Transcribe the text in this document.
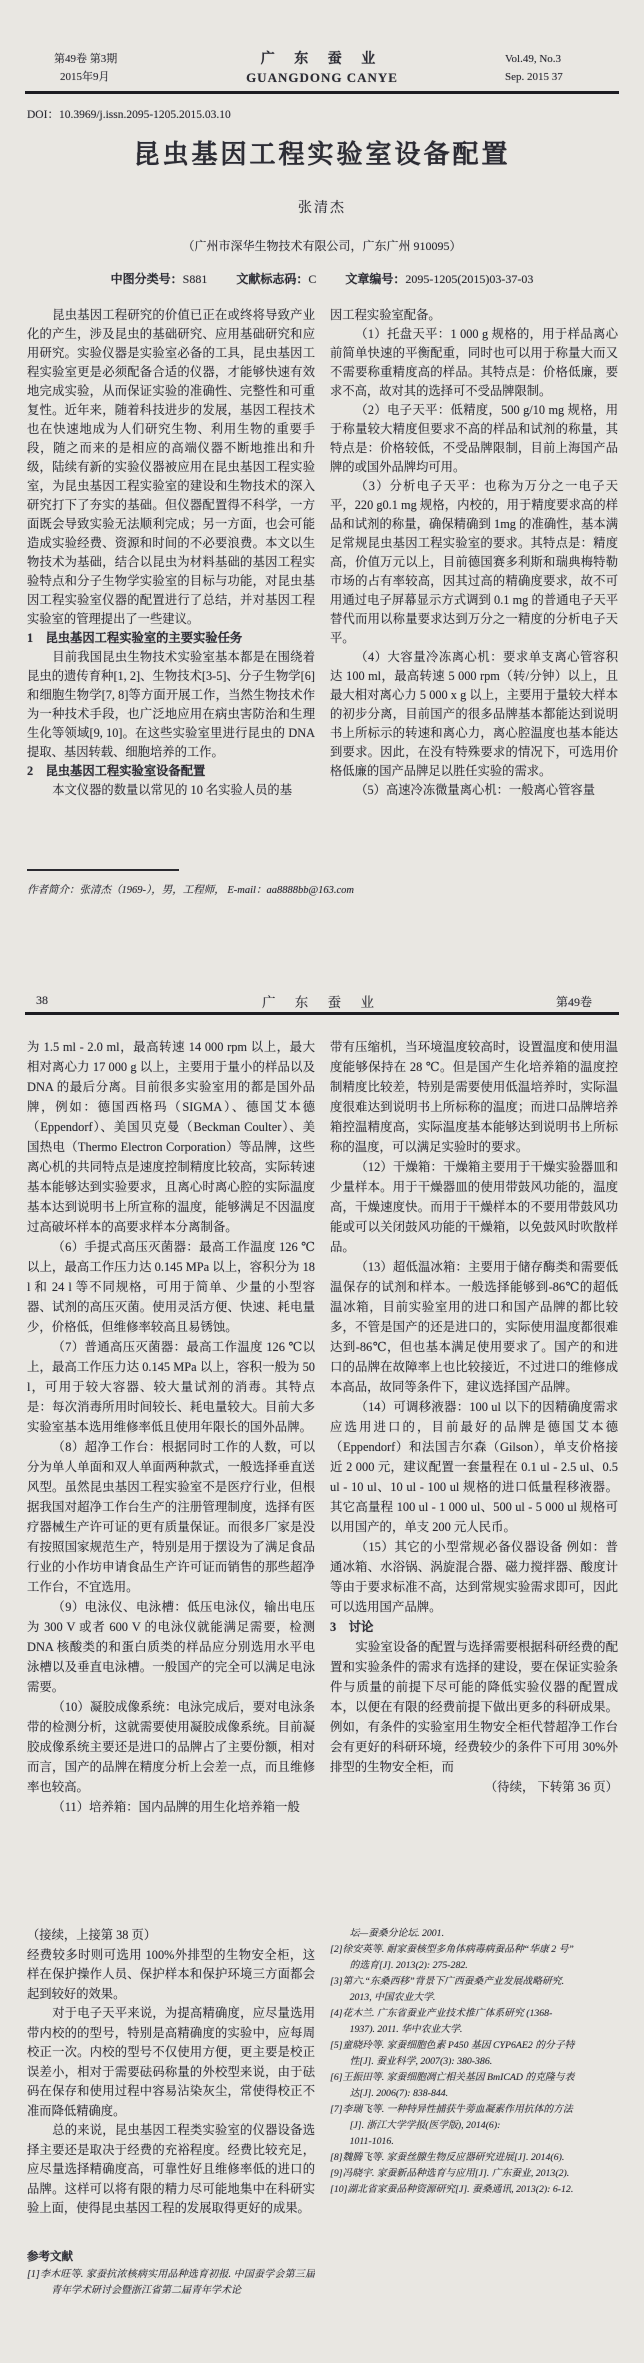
第49卷 第3期
2015年9月
广 东 蚕 业
GUANGDONG CANYE
Vol.49, No.3
Sep. 2015 37
DOI：10.3969/j.issn.2095-1205.2015.03.10
昆虫基因工程实验室设备配置
张清杰
（广州市深华生物技术有限公司，广东广州 910095）
中图分类号：S881 文献标志码：C 文章编号：2095-1205(2015)03-37-03
昆虫基因工程研究的价值已正在或终将导致产业化的产生，涉及昆虫的基础研究、应用基础研究和应用研究。实验仪器是实验室必备的工具，昆虫基因工程实验室更是必须配备合适的仪器，才能够快速有效地完成实验，从而保证实验的准确性、完整性和可重复性。近年来，随着科技进步的发展，基因工程技术也在快速地成为人们研究生物、利用生物的重要手段，随之而来的是相应的高端仪器不断地推出和升级，陆续有新的实验仪器被应用在昆虫基因工程实验室，为昆虫基因工程实验室的建设和生物技术的深入研究打下了夯实的基础。但仪器配置得不科学，一方面既会导致实验无法顺利完成；另一方面，也会可能造成实验经费、资源和时间的不必要浪费。本文以生物技术为基础，结合以昆虫为材料基础的基因工程实验特点和分子生物学实验室的目标与功能，对昆虫基因工程实验室仪器的配置进行了总结，并对基因工程实验室的管理提出了一些建议。
1　昆虫基因工程实验室的主要实验任务
目前我国昆虫生物技术实验室基本都是在围绕着昆虫的遗传育种[1, 2]、生物技术[3-5]、分子生物学[6]和细胞生物学[7, 8]等方面开展工作，当然生物技术作为一种技术手段，也广泛地应用在病虫害防治和生理生化等领域[9, 10]。在这些实验室里进行昆虫的 DNA 提取、基因转载、细胞培养的工作。
2　昆虫基因工程实验室设备配置
本文仪器的数量以常见的 10 名实验人员的基
因工程实验室配备。
（1）托盘天平：1 000 g 规格的，用于样品离心前简单快速的平衡配重，同时也可以用于称量大而又不需要称重精度高的样品。其特点是：价格低廉，要求不高，故对其的选择可不受品牌限制。
（2）电子天平：低精度，500 g/10 mg 规格，用于称量较大精度但要求不高的样品和试剂的称量，其特点是：价格较低，不受品牌限制，目前上海国产品牌的或国外品牌均可用。
（3）分析电子天平：也称为万分之一电子天平，220 g0.1 mg 规格，内校的，用于精度要求高的样品和试剂的称量，确保精确到 1mg 的准确性，基本满足常规昆虫基因工程实验室的要求。其特点是：精度高，价值万元以上，目前德国赛多利斯和瑞典梅特勒市场的占有率较高，因其过高的精确度要求，故不可用通过电子屏幕显示方式调到 0.1 mg 的普通电子天平替代而用以称量要求达到万分之一精度的分析电子天平。
（4）大容量冷冻离心机：要求单支离心管容积达 100 ml，最高转速 5 000 rpm（转/分钟）以上，且最大相对离心力 5 000 x g 以上，主要用于量较大样本的初步分离，目前国产的很多品牌基本都能达到说明书上所标示的转速和离心力，离心腔温度也基本能达到要求。因此，在没有特殊要求的情况下，可选用价格低廉的国产品牌足以胜任实验的需求。
（5）高速冷冻微量离心机：一般离心管容量
作者简介：张清杰（1969-），男，工程师， E-mail：aa8888bb@163.com
38	广 东 蚕 业	第49卷
为 1.5 ml - 2.0 ml，最高转速 14 000 rpm 以上，最大相对离心力 17 000 g 以上，主要用于量小的样品以及 DNA 的最后分离。目前很多实验室用的都是国外品牌，例如：德国西格玛（SIGMA）、德国艾本德（Eppendorf）、美国贝克曼（Beckman Coulter）、美国热电（Thermo Electron Corporation）等品牌，这些离心机的共同特点是速度控制精度比较高，实际转速基本能够达到实验要求，且离心时离心腔的实际温度基本达到说明书上所宣称的温度，能够满足不因温度过高破坏样本的高要求样本分离制备。
（6）手提式高压灭菌器：最高工作温度 126 ℃以上，最高工作压力达 0.145 MPa 以上，容积分为 18 l 和 24 l 等不同规格，可用于简单、少量的小型容器、试剂的高压灭菌。使用灵活方便、快速、耗电量少，价格低，但维修率较高且易锈蚀。
（7）普通高压灭菌器：最高工作温度 126 ℃以上，最高工作压力达 0.145 MPa 以上，容积一般为 50 l，可用于较大容器、较大量试剂的消毒。其特点是：每次消毒所用时间较长、耗电量较大。目前大多实验室基本选用维修率低且使用年限长的国外品牌。
（8）超净工作台：根据同时工作的人数，可以分为单人单面和双人单面两种款式，一般选择垂直送风型。虽然昆虫基因工程实验室不是医疗行业，但根据我国对超净工作台生产的注册管理制度，选择有医疗器械生产许可证的更有质量保证。而很多厂家是没有按照国家规范生产，特别是用于摆设为了满足食品行业的小作坊申请食品生产许可证而销售的那些超净工作台，不宜选用。
（9）电泳仪、电泳槽：低压电泳仪，输出电压为 300 V 或者 600 V 的电泳仪就能满足需要，检测 DNA 核酸类的和蛋白质类的样品应分别选用水平电泳槽以及垂直电泳槽。一般国产的完全可以满足电泳需要。
（10）凝胶成像系统：电泳完成后，要对电泳条带的检测分析，这就需要使用凝胶成像系统。目前凝胶成像系统主要还是进口的品牌占了主要份额，相对而言，国产的品牌在精度分析上会差一点，而且维修率也较高。
（11）培养箱：国内品牌的用生化培养箱一般
带有压缩机，当环境温度较高时，设置温度和使用温度能够保持在 28 ℃。但是国产生化培养箱的温度控制精度比较差，特别是需要使用低温培养时，实际温度很难达到说明书上所标称的温度；而进口品牌培养箱控温精度高，实际温度基本能够达到说明书上所标称的温度，可以满足实验时的要求。
（12）干燥箱：干燥箱主要用于干燥实验器皿和少量样本。用于干燥器皿的使用带鼓风功能的，温度高，干燥速度快。而用于干燥样本的不要用带鼓风功能或可以关闭鼓风功能的干燥箱，以免鼓风时吹散样品。
（13）超低温冰箱：主要用于储存酶类和需要低温保存的试剂和样本。一般选择能够到-86℃的超低温冰箱，目前实验室用的进口和国产品牌的都比较多，不管是国产的还是进口的，实际使用温度都很难达到-86℃，但也基本满足使用要求了。国产的和进口的品牌在故障率上也比较接近，不过进口的维修成本高品，故同等条件下，建议选择国产品牌。
（14）可调移液器：100 ul 以下的因精确度需求应选用进口的，目前最好的品牌是德国艾本德（Eppendorf）和法国吉尔森（Gilson），单支价格接近 2 000 元，建议配置一套量程在 0.1 ul - 2.5 ul、0.5 ul - 10 ul、10 ul - 100 ul 规格的进口低量程移液器。其它高量程 100 ul - 1 000 ul、500 ul - 5 000 ul 规格可以用国产的，单支 200 元人民币。
（15）其它的小型常规必备仪器设备 例如：普通冰箱、水浴锅、涡旋混合器、磁力搅拌器、酸度计等由于要求标准不高，达到常规实验需求即可，因此可以选用国产品牌。
3　讨论
实验室设备的配置与选择需要根据科研经费的配置和实验条件的需求有选择的建设，要在保证实验条件与质量的前提下尽可能的降低实验仪器的配置成本，以便在有限的经费前提下做出更多的科研成果。例如，有条件的实验室用生物安全柜代替超净工作台会有更好的科研环境，经费较少的条件下可用 30%外排型的生物安全柜，而
（待续， 下转第 36 页）
（接续，上接第 38 页）
经费较多时则可选用 100%外排型的生物安全柜，这样在保护操作人员、保护样本和保护环境三方面都会起到较好的效果。
对于电子天平来说，为提高精确度，应尽量选用带内校的的型号，特别是高精确度的实验中，应每周校正一次。内校的型号不仅使用方便，更主要是校正误差小，相对于需要砝码称量的外校型来说，由于砝码在保存和使用过程中容易沾染灰尘，常使得校正不准而降低精确度。
总的来说，昆虫基因工程类实验室的仪器设备选择主要还是取决于经费的充裕程度。经费比较充足，应尽量选择精确度高，可靠性好且维修率低的进口的品牌。这样可以将有限的精力尽可能地集中在科研实验上面，使得昆虫基因工程的发展取得更好的成果。
参考文献
[1]李木旺等. 家蚕抗浓核病实用品种选育初报. 中国蚕学会第三届青年学术研讨会暨浙江省第二届青年学术论
坛—蚕桑分论坛. 2001.
[2]徐安英等. 耐家蚕核型多角体病毒病蚕品种“华康 2 号”
的选育[J]. 2013(2): 275-282.
[3]第六.“东桑西移”背景下广西蚕桑产业发展战略研究.
2013, 中国农业大学.
[4]花木兰. 广东省蚕业产业技术推广体系研究 (1368-
1937). 2011. 华中农业大学.
[5]童晓玲等. 家蚕细胞色素 P450 基因 CYP6AE2 的分子特
性[J]. 蚕业科学, 2007(3): 380-386.
[6]王振田等. 家蚕细胞凋亡相关基因 BmICAD 的克隆与表
达[J]. 2006(7): 838-844.
[7]李瑞飞等. 一种特异性捕获牛蒡血凝素作用抗体的方法
[J]. 浙江大学学报(医学版), 2014(6):
1011-1016.
[8]魏腾飞等. 家蚕丝腺生物反应器研究进展[J]. 2014(6).
[9]冯晓宇. 家蚕新品种选育与应用[J]. 广东蚕业, 2013(2).
[10]湖北省家蚕品种资源研究[J]. 蚕桑通讯, 2013(2): 6-12.
